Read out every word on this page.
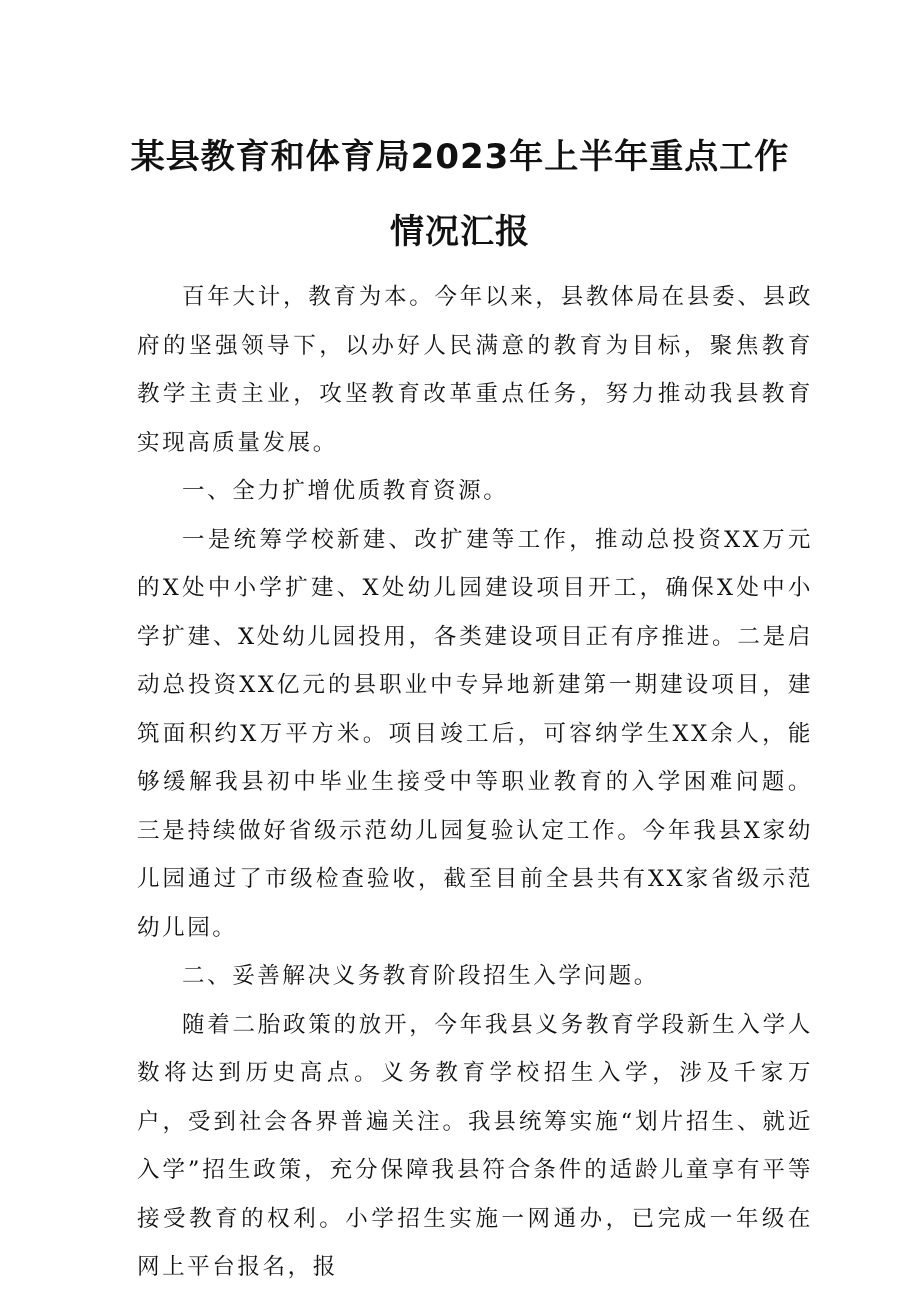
某县教育和体育局2023年上半年重点工作
情况汇报

百年大计，教育为本。今年以来，县教体局在县委、县政府的坚强领导下，以办好人民满意的教育为目标，聚焦教育教学主责主业，攻坚教育改革重点任务，努力推动我县教育实现高质量发展。

一、全力扩增优质教育资源。

一是统筹学校新建、改扩建等工作，推动总投资XX万元的X处中小学扩建、X处幼儿园建设项目开工，确保X处中小学扩建、X处幼儿园投用，各类建设项目正有序推进。二是启动总投资XX亿元的县职业中专异地新建第一期建设项目，建筑面积约X万平方米。项目竣工后，可容纳学生XX余人，能够缓解我县初中毕业生接受中等职业教育的入学困难问题。三是持续做好省级示范幼儿园复验认定工作。今年我县X家幼儿园通过了市级检查验收，截至目前全县共有XX家省级示范幼儿园。

二、妥善解决义务教育阶段招生入学问题。

随着二胎政策的放开，今年我县义务教育学段新生入学人数将达到历史高点。义务教育学校招生入学，涉及千家万户，受到社会各界普遍关注。我县统筹实施“划片招生、就近入学”招生政策，充分保障我县符合条件的适龄儿童享有平等接受教育的权利。小学招生实施一网通办，已完成一年级在网上平台报名，报
